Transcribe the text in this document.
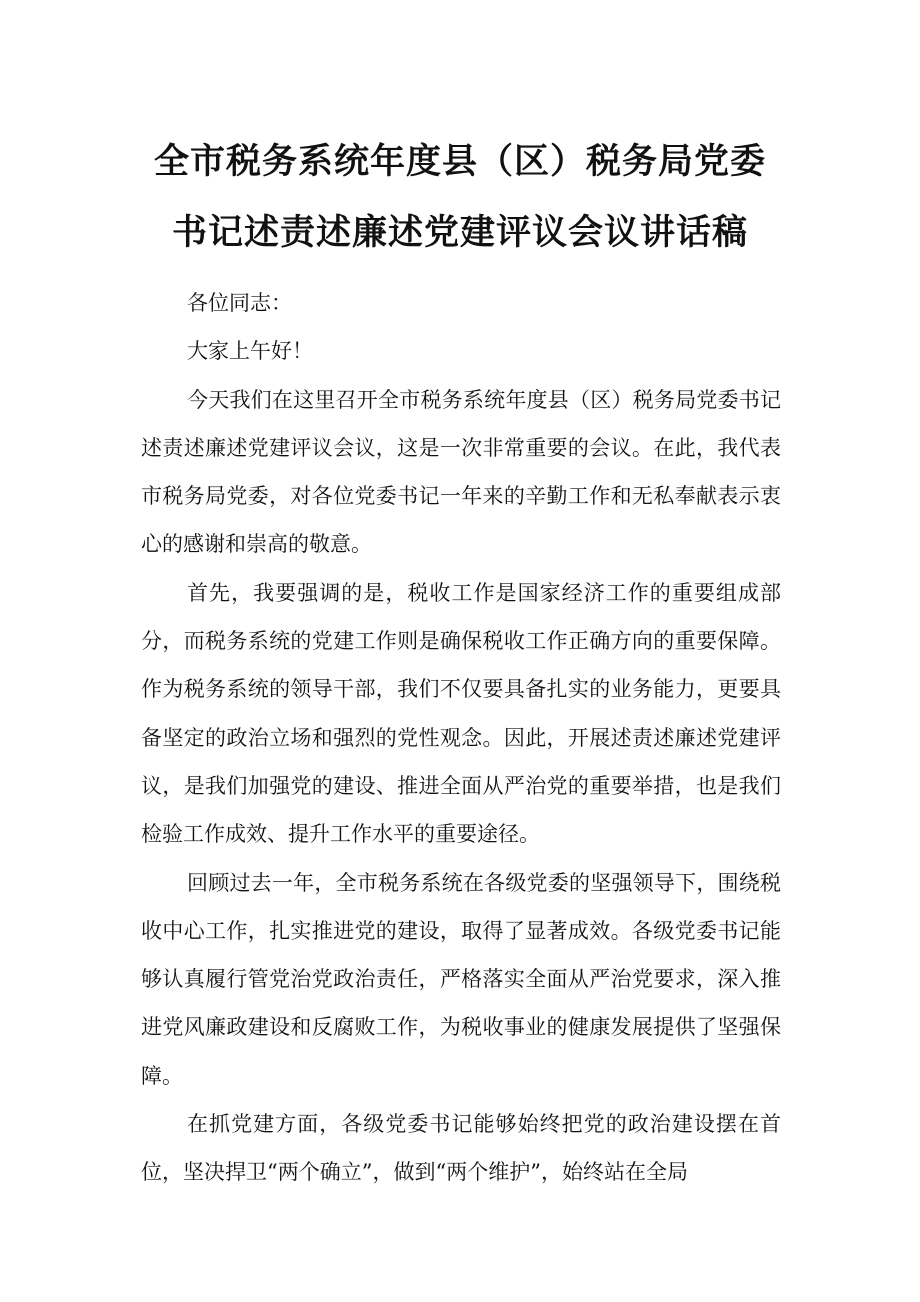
全市税务系统年度县（区）税务局党委
书记述责述廉述党建评议会议讲话稿

各位同志：

大家上午好！

今天我们在这里召开全市税务系统年度县（区）税务局党委书记述责述廉述党建评议会议，这是一次非常重要的会议。在此，我代表市税务局党委，对各位党委书记一年来的辛勤工作和无私奉献表示衷心的感谢和崇高的敬意。

首先，我要强调的是，税收工作是国家经济工作的重要组成部分，而税务系统的党建工作则是确保税收工作正确方向的重要保障。作为税务系统的领导干部，我们不仅要具备扎实的业务能力，更要具备坚定的政治立场和强烈的党性观念。因此，开展述责述廉述党建评议，是我们加强党的建设、推进全面从严治党的重要举措，也是我们检验工作成效、提升工作水平的重要途径。

回顾过去一年，全市税务系统在各级党委的坚强领导下，围绕税收中心工作，扎实推进党的建设，取得了显著成效。各级党委书记能够认真履行管党治党政治责任，严格落实全面从严治党要求，深入推进党风廉政建设和反腐败工作，为税收事业的健康发展提供了坚强保障。

在抓党建方面，各级党委书记能够始终把党的政治建设摆在首位，坚决捍卫“两个确立”，做到“两个维护”，始终站在全局
